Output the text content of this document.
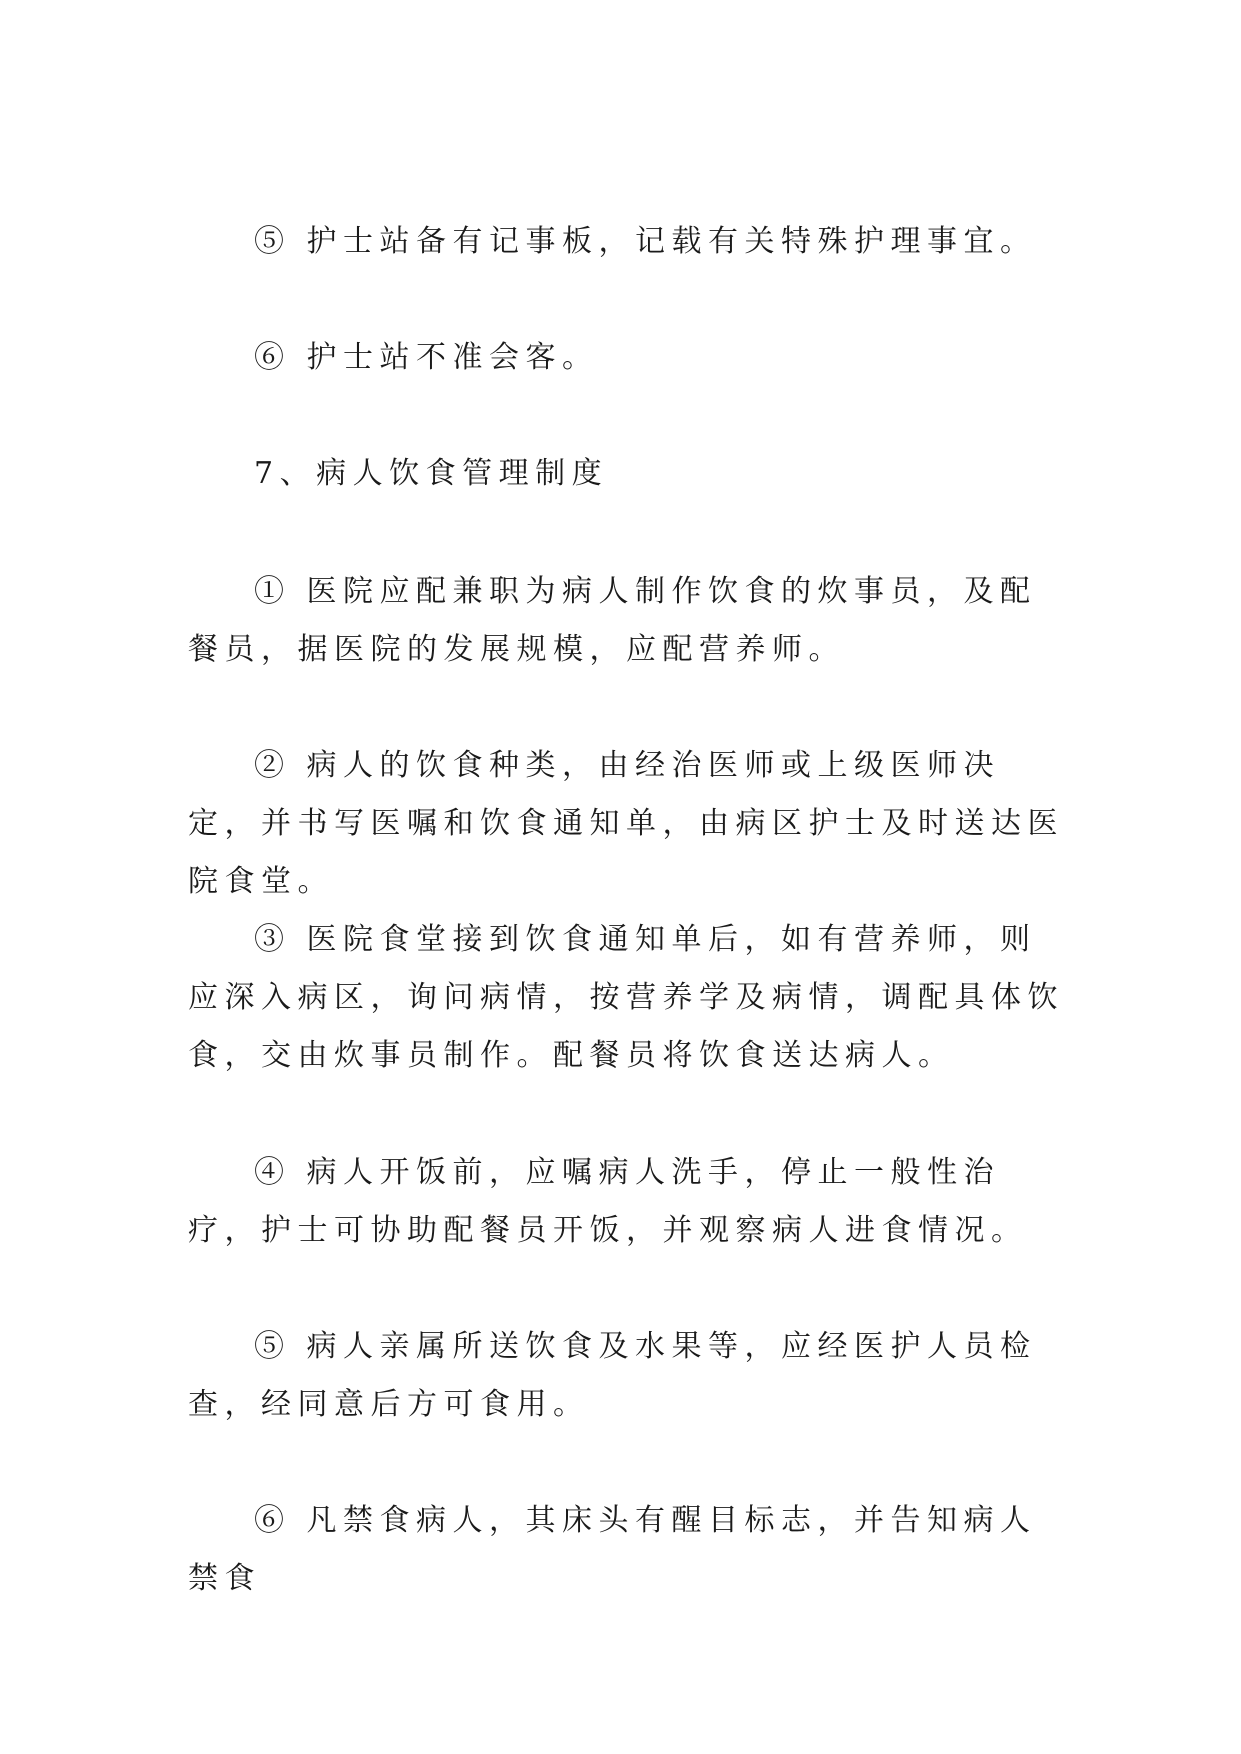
⑤ 护士站备有记事板，记载有关特殊护理事宜。

⑥ 护士站不准会客。

7、病人饮食管理制度

① 医院应配兼职为病人制作饮食的炊事员，及配餐员，据医院的发展规模，应配营养师。

② 病人的饮食种类，由经治医师或上级医师决定，并书写医嘱和饮食通知单，由病区护士及时送达医院食堂。

③ 医院食堂接到饮食通知单后，如有营养师，则应深入病区，询问病情，按营养学及病情，调配具体饮食，交由炊事员制作。配餐员将饮食送达病人。

④ 病人开饭前，应嘱病人洗手，停止一般性治疗，护士可协助配餐员开饭，并观察病人进食情况。

⑤ 病人亲属所送饮食及水果等，应经医护人员检查，经同意后方可食用。

⑥ 凡禁食病人，其床头有醒目标志，并告知病人禁食
